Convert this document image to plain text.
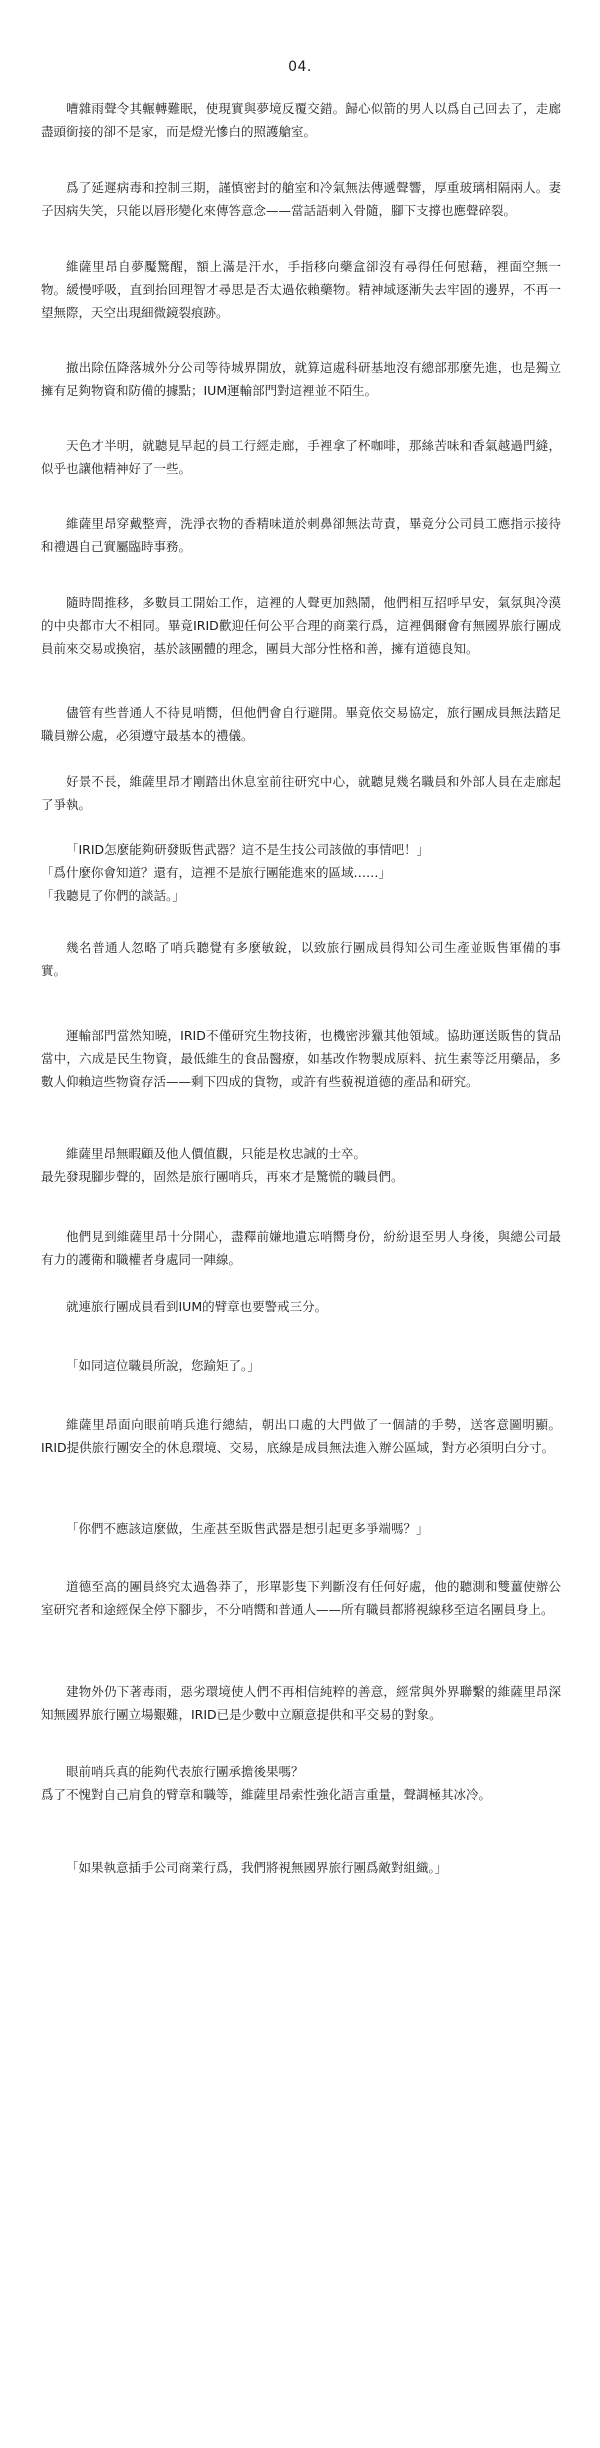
04.

嘈雜雨聲令其輾轉難眠，使現實與夢境反覆交錯。歸心似箭的男人以爲自己回去了，走廊盡頭銜接的卻不是家，而是燈光慘白的照護艙室。

爲了延遲病毒和控制三期，謹慎密封的艙室和冷氣無法傳遞聲響，厚重玻璃相隔兩人。妻子因病失笑，只能以唇形變化來傳答意念——當話語刺入骨隨，腳下支撐也應聲碎裂。

維薩里昂自夢魘驚醒，額上滿是汗水，手指移向藥盒卻沒有尋得任何慰藉，裡面空無一物。緩慢呼吸，直到抬回理智才尋思是否太過依賴藥物。精神域逐漸失去牢固的邊界，不再一望無際，天空出現細微鏡裂痕跡。

撤出除伍降落城外分公司等待城界開放，就算這處科研基地沒有總部那麼先進，也是獨立擁有足夠物資和防備的據點；IUM運輸部門對這裡並不陌生。

天色才半明，就聽見早起的員工行經走廊，手裡拿了杯咖啡，那絲苦味和香氣越過門縫，似乎也讓他精神好了一些。

維薩里昂穿戴整齊，洗淨衣物的香精味道於刺鼻卻無法苛責，畢竟分公司員工應指示接待和禮遇自己實屬臨時事務。

隨時間推移，多數員工開始工作，這裡的人聲更加熱鬧，他們相互招呼早安，氣氛與冷漠的中央都市大不相同。畢竟IRID歡迎任何公平合理的商業行爲，這裡偶爾會有無國界旅行團成員前來交易或換宿，基於該團體的理念，團員大部分性格和善，擁有道德良知。

儘管有些普通人不待見哨嚮，但他們會自行避開。畢竟依交易協定，旅行團成員無法踏足職員辦公處，必須遵守最基本的禮儀。

好景不長，維薩里昂才剛踏出休息室前往研究中心，就聽見幾名職員和外部人員在走廊起了爭執。

「IRID怎麼能夠研發販售武器？這不是生技公司該做的事情吧！」
「爲什麼你會知道？還有，這裡不是旅行團能進來的區域……」
「我聽見了你們的談話。」

幾名普通人忽略了哨兵聽覺有多麼敏銳，以致旅行團成員得知公司生產並販售軍備的事實。

運輸部門當然知曉，IRID不僅研究生物技術，也機密涉獵其他領域。協助運送販售的貨品當中，六成是民生物資，最低維生的食品醫療，如基改作物製成原料、抗生素等泛用藥品，多數人仰賴這些物資存活——剩下四成的貨物，或許有些藐視道德的產品和研究。

維薩里昂無暇顧及他人價值觀，只能是枚忠誠的士卒。
最先發現腳步聲的，固然是旅行團哨兵，再來才是驚慌的職員們。

他們見到維薩里昂十分開心，盡釋前嫌地遺忘哨嚮身份，紛紛退至男人身後，與總公司最有力的護衛和職權者身處同一陣線。

就連旅行團成員看到IUM的臂章也要警戒三分。

「如同這位職員所說，您踰矩了。」

維薩里昂面向眼前哨兵進行總結，朝出口處的大門做了一個請的手勢，送客意圖明顯。IRID提供旅行團安全的休息環境、交易，底線是成員無法進入辦公區域，對方必須明白分寸。

「你們不應該這麼做，生產甚至販售武器是想引起更多爭端嗎？」

道德至高的團員終究太過魯莽了，形單影隻下判斷沒有任何好處，他的聽測和雙薑使辦公室研究者和途經保全停下腳步，不分哨嚮和普通人——所有職員都將視線移至這名團員身上。

建物外仍下著毒雨，惡劣環境使人們不再相信純粹的善意，經常與外界聯繫的維薩里昂深知無國界旅行團立場艱難，IRID已是少數中立願意提供和平交易的對象。

眼前哨兵真的能夠代表旅行團承擔後果嗎？
爲了不愧對自己肩負的臂章和職等，維薩里昂索性強化語言重量，聲調極其冰冷。

「如果執意插手公司商業行爲，我們將視無國界旅行團爲敵對組織。」
